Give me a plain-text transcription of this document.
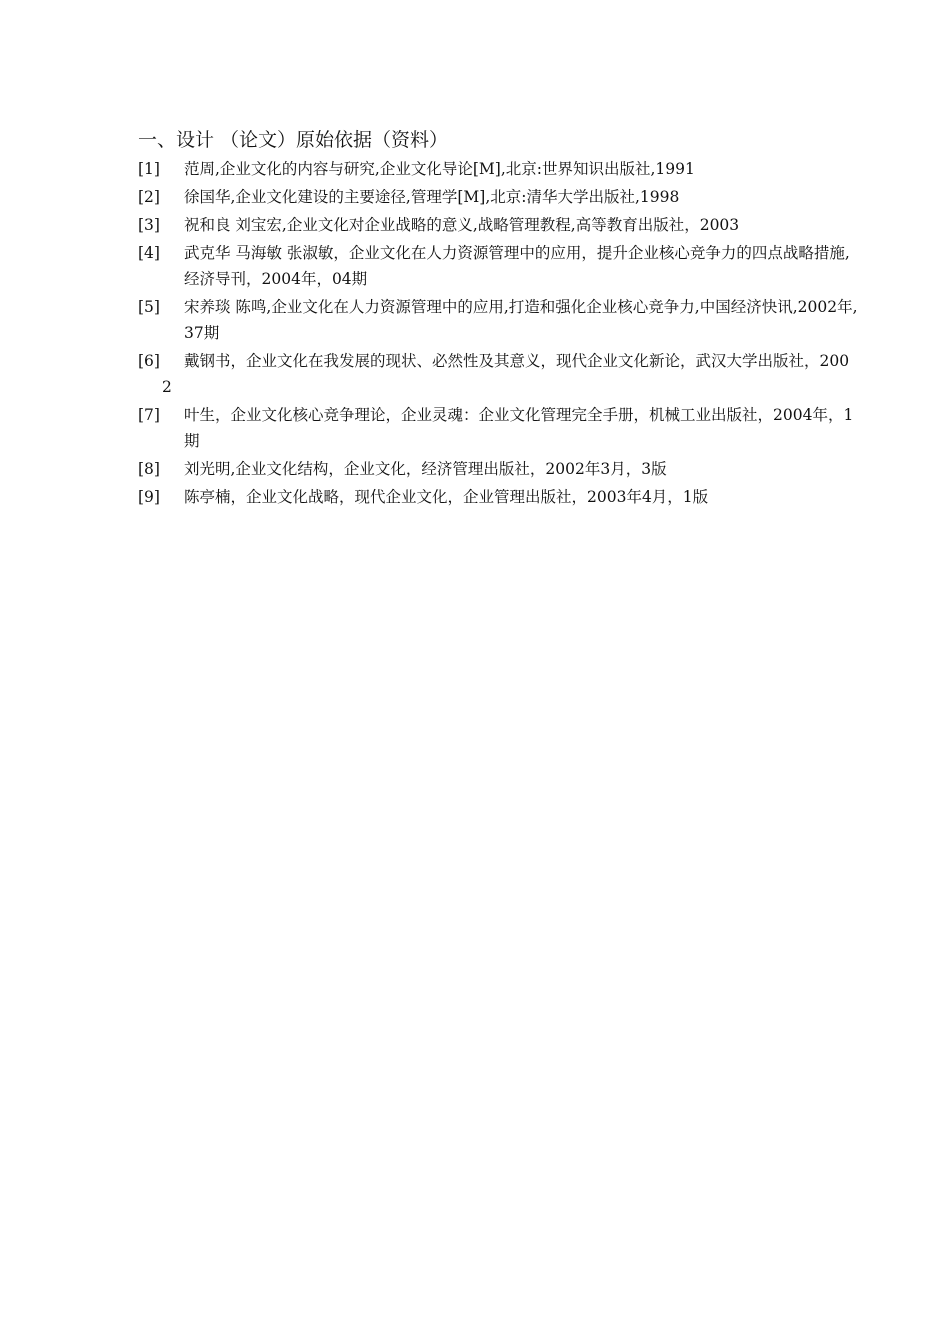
一、设计 （论文）原始依据（资料）
[1] 范周,企业文化的内容与研究,企业文化导论[M],北京:世界知识出版社,1991
[2] 徐国华,企业文化建设的主要途径,管理学[M],北京:清华大学出版社,1998
[3] 祝和良 刘宝宏,企业文化对企业战略的意义,战略管理教程,高等教育出版社，2003
[4] 武克华 马海敏 张淑敏，企业文化在人力资源管理中的应用，提升企业核心竞争力的四点战略措施,经济导刊，2004年，04期
[5] 宋养琰 陈鸣,企业文化在人力资源管理中的应用,打造和强化企业核心竞争力,中国经济快讯,2002年,37期
[6]	戴钢书，企业文化在我发展的现状、必然性及其意义，现代企业文化新论，武汉大学出版社，2002
[7] 叶生，企业文化核心竞争理论，企业灵魂：企业文化管理完全手册，机械工业出版社，2004年，1期
[8] 刘光明,企业文化结构，企业文化，经济管理出版社，2002年3月，3版
[9] 陈亭楠，企业文化战略，现代企业文化，企业管理出版社，2003年4月，1版
